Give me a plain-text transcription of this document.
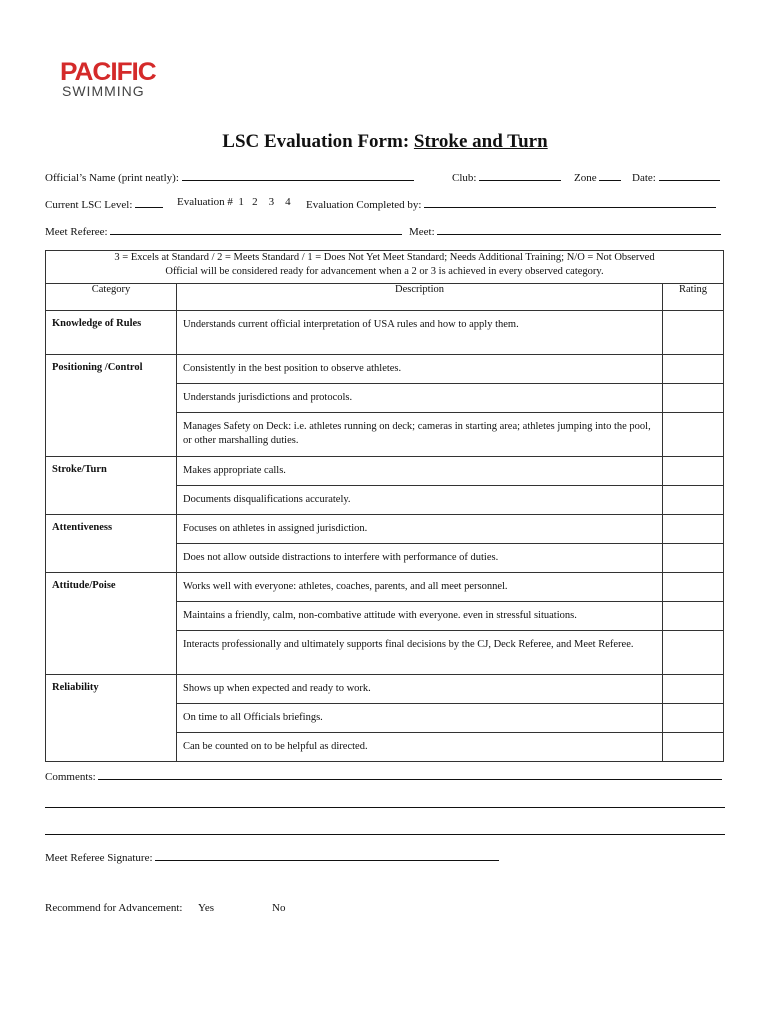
PACIFIC
SWIMMING
LSC Evaluation Form: Stroke and Turn
Official’s Name (print neatly):	Club:	Zone	Date:
Current LSC Level:	Evaluation # 1 2 3 4 Evaluation Completed by:
Meet Referee:	Meet:
3 = Excels at Standard / 2 = Meets Standard / 1 = Does Not Yet Meet Standard; Needs Additional Training; N/O = Not Observed
Official will be considered ready for advancement when a 2 or 3 is achieved in every observed category.		

Category	Description	Rating
Knowledge of Rules	Understands current official interpretation of USA rules and how to apply them.	
Positioning /Control	Consistently in the best position to observe athletes.	
	Understands jurisdictions and protocols.	
	Manages Safety on Deck: i.e. athletes running on deck; cameras in starting area; athletes jumping into the pool, or other marshalling duties.	
Stroke/Turn	Makes appropriate calls.	
	Documents disqualifications accurately.	
Attentiveness	Focuses on athletes in assigned jurisdiction.	
	Does not allow outside distractions to interfere with performance of duties.	
Attitude/Poise	Works well with everyone: athletes, coaches, parents, and all meet personnel.	
	Maintains a friendly, calm, non-combative attitude with everyone. even in stressful situations.	
	Interacts professionally and ultimately supports final decisions by the CJ, Deck Referee, and Meet Referee.	
Reliability	Shows up when expected and ready to work.	
	On time to all Officials briefings.	
	Can be counted on to be helpful as directed.	
Comments:
Meet Referee Signature:
Recommend for Advancement: Yes	No
